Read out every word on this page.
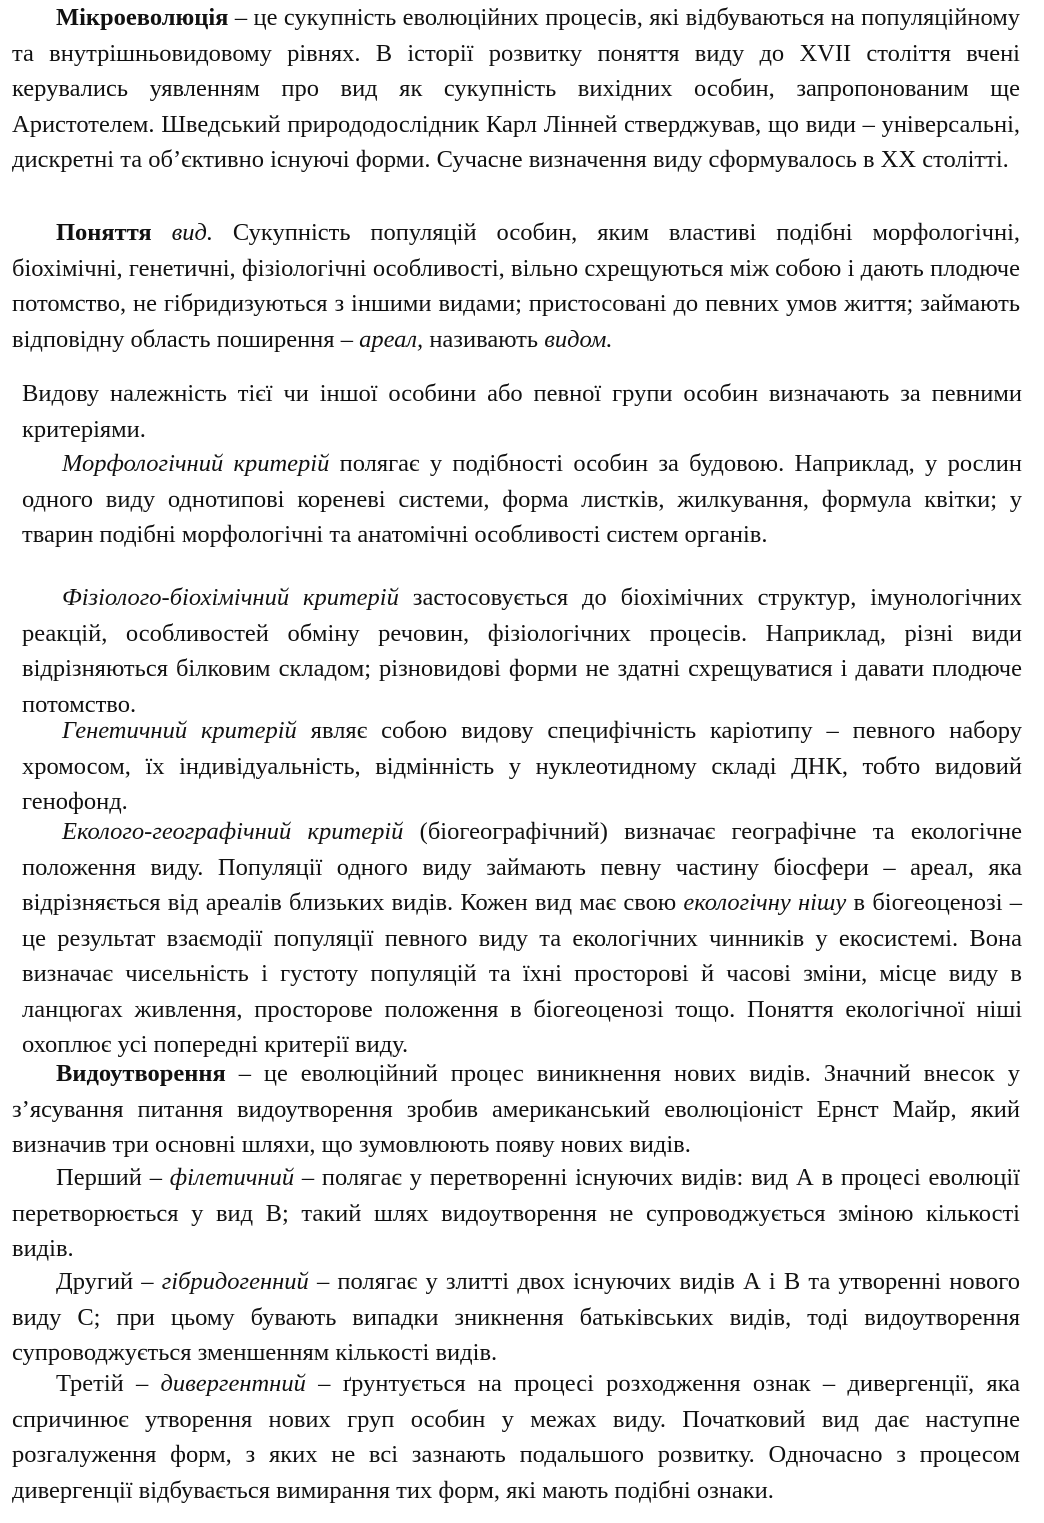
Мікроеволюція – це сукупність еволюційних процесів, які відбуваються на популяційному та внутрішньовидовому рівнях. В історії розвитку поняття виду до XVII століття вчені керувались уявленням про вид як сукупність вихідних особин, запропонованим ще Аристотелем. Шведський природодослідник Карл Лінней стверджував, що види – універсальні, дискретні та об’єктивно існуючі форми. Сучасне визначення виду сформувалось в XX столітті.

Поняття вид. Сукупність популяцій особин, яким властиві подібні морфологічні, біохімічні, генетичні, фізіологічні особливості, вільно схрещуються між собою і дають плодюче потомство, не гібридизуються з іншими видами; пристосовані до певних умов життя; займають відповідну область поширення – ареал, називають видом.

Видову належність тієї чи іншої особини або певної групи особин визначають за певними критеріями.

Морфологічний критерій полягає у подібності особин за будовою. Наприклад, у рослин одного виду однотипові кореневі системи, форма листків, жилкування, формула квітки; у тварин подібні морфологічні та анатомічні особливості систем органів.

Фізіолого-біохімічний критерій застосовується до біохімічних структур, імунологічних реакцій, особливостей обміну речовин, фізіологічних процесів. Наприклад, різні види відрізняються білковим складом; різновидові форми не здатні схрещуватися і давати плодюче потомство.

Генетичний критерій являє собою видову специфічність каріотипу – певного набору хромосом, їх індивідуальність, відмінність у нуклеотидному складі ДНК, тобто видовий генофонд.

Еколого-географічний критерій (біогеографічний) визначає географічне та екологічне положення виду. Популяції одного виду займають певну частину біосфери – ареал, яка відрізняється від ареалів близьких видів. Кожен вид має свою екологічну нішу в біогеоценозі – це результат взаємодії популяції певного виду та екологічних чинників у екосистемі. Вона визначає чисельність і густоту популяцій та їхні просторові й часові зміни, місце виду в ланцюгах живлення, просторове положення в біогеоценозі тощо. Поняття екологічної ніші охоплює усі попередні критерії виду.

Видоутворення – це еволюційний процес виникнення нових видів. Значний внесок у з’ясування питання видоутворення зробив американський еволюціоніст Ернст Майр, який визначив три основні шляхи, що зумовлюють появу нових видів.

Перший – філетичний – полягає у перетворенні існуючих видів: вид А в процесі еволюції перетворюється у вид В; такий шлях видоутворення не супроводжується зміною кількості видів.

Другий – гібридогенний – полягає у злитті двох існуючих видів А і В та утворенні нового виду С; при цьому бувають випадки зникнення батьківських видів, тоді видоутворення супроводжується зменшенням кількості видів.

Третій – дивергентний – ґрунтується на процесі розходження ознак – дивергенції, яка спричинює утворення нових груп особин у межах виду. Початковий вид дає наступне розгалуження форм, з яких не всі зазнають подальшого розвитку. Одночасно з процесом дивергенції відбувається вимирання тих форм, які мають подібні ознаки.
